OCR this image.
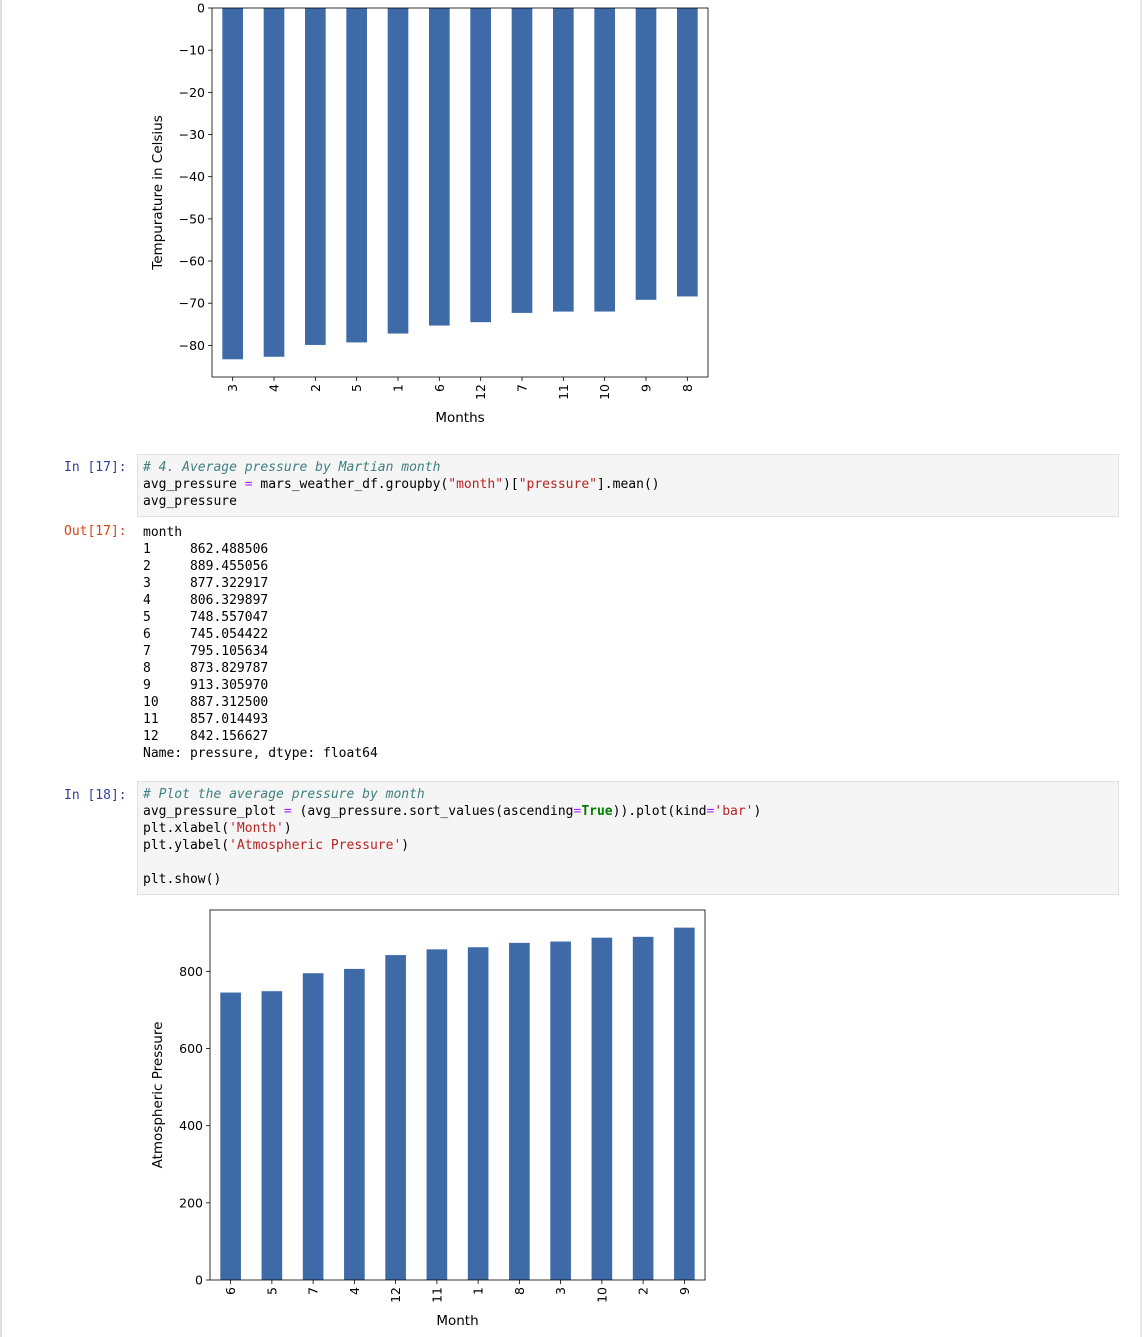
0
−10
−20
−30
−40
−50
−60
−70
−80
3 4 2 5 1 6 12 7 11 10 9 8
Months
Tempurature in Celsius
In [17]:	# 4. Average pressure by Martian month
avg_pressure = mars_weather_df.groupby("month")["pressure"].mean()
avg_pressure
Out[17]:	month
1     862.488506
2     889.455056
3     877.322917
4     806.329897
5     748.557047
6     745.054422
7     795.105634
8     873.829787
9     913.305970
10    887.312500
11    857.014493
12    842.156627
Name: pressure, dtype: float64
In [18]:	# Plot the average pressure by month
avg_pressure_plot = (avg_pressure.sort_values(ascending=True)).plot(kind='bar')
plt.xlabel('Month')
plt.ylabel('Atmospheric Pressure')
plt.show()
0
200
400
600
800
6 5 7 4 12 11 1 8 3 10 2 9
Month
Atmospheric Pressure
